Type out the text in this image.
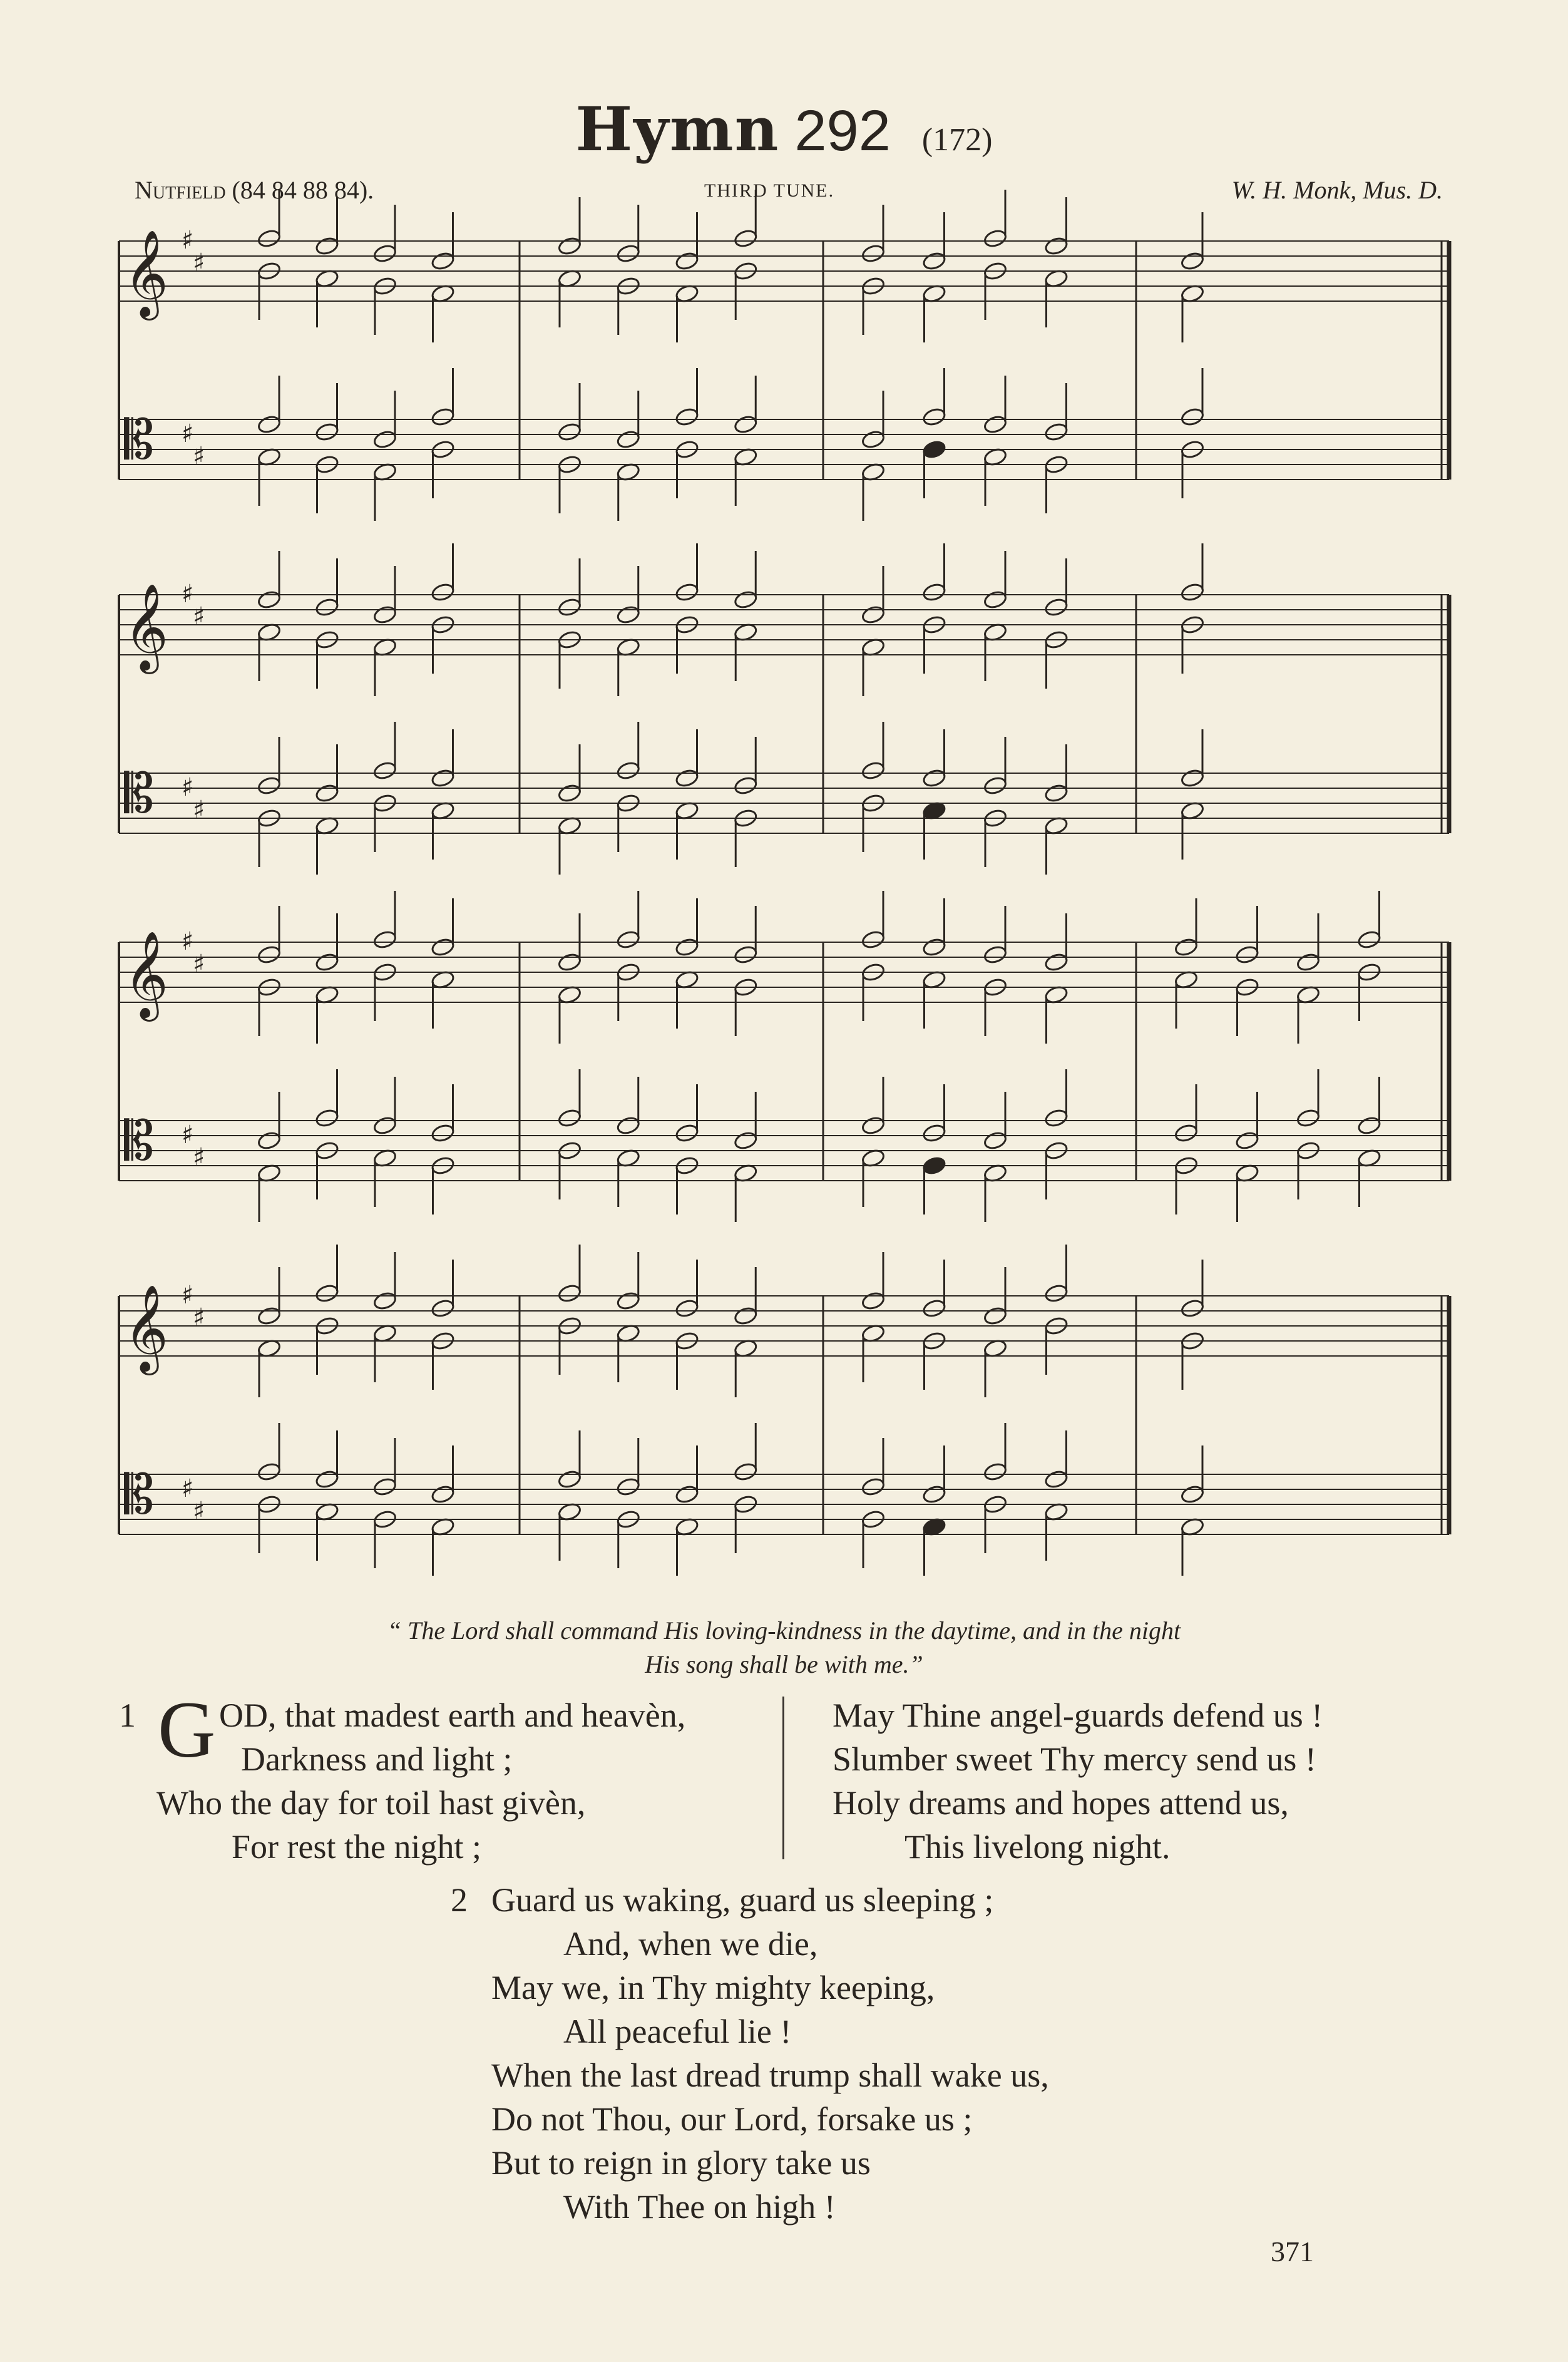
Hymn 292 (172)
Nutfield (84 84 88 84).	THIRD TUNE.	W. H. Monk, Mus. D.
𝄞 ♯
♯
𝄡 ♯
♯
𝄞 ♯
♯
𝄡 ♯
♯
𝄞 ♯
♯
𝄡 ♯
♯
𝄞 ♯
♯
𝄡 ♯
♯
“ The Lord shall command His loving-kindness in the daytime, and in the night
His song shall be with me.”
1 G OD, that madest earth and heavèn,
Darkness and light ;
Who the day for toil hast givèn,
For rest the night ;
May Thine angel-guards defend us !
Slumber sweet Thy mercy send us !
Holy dreams and hopes attend us,
This livelong night.
2 Guard us waking, guard us sleeping ;
And, when we die,
May we, in Thy mighty keeping,
All peaceful lie !
When the last dread trump shall wake us,
Do not Thou, our Lord, forsake us ;
But to reign in glory take us
With Thee on high !
371
